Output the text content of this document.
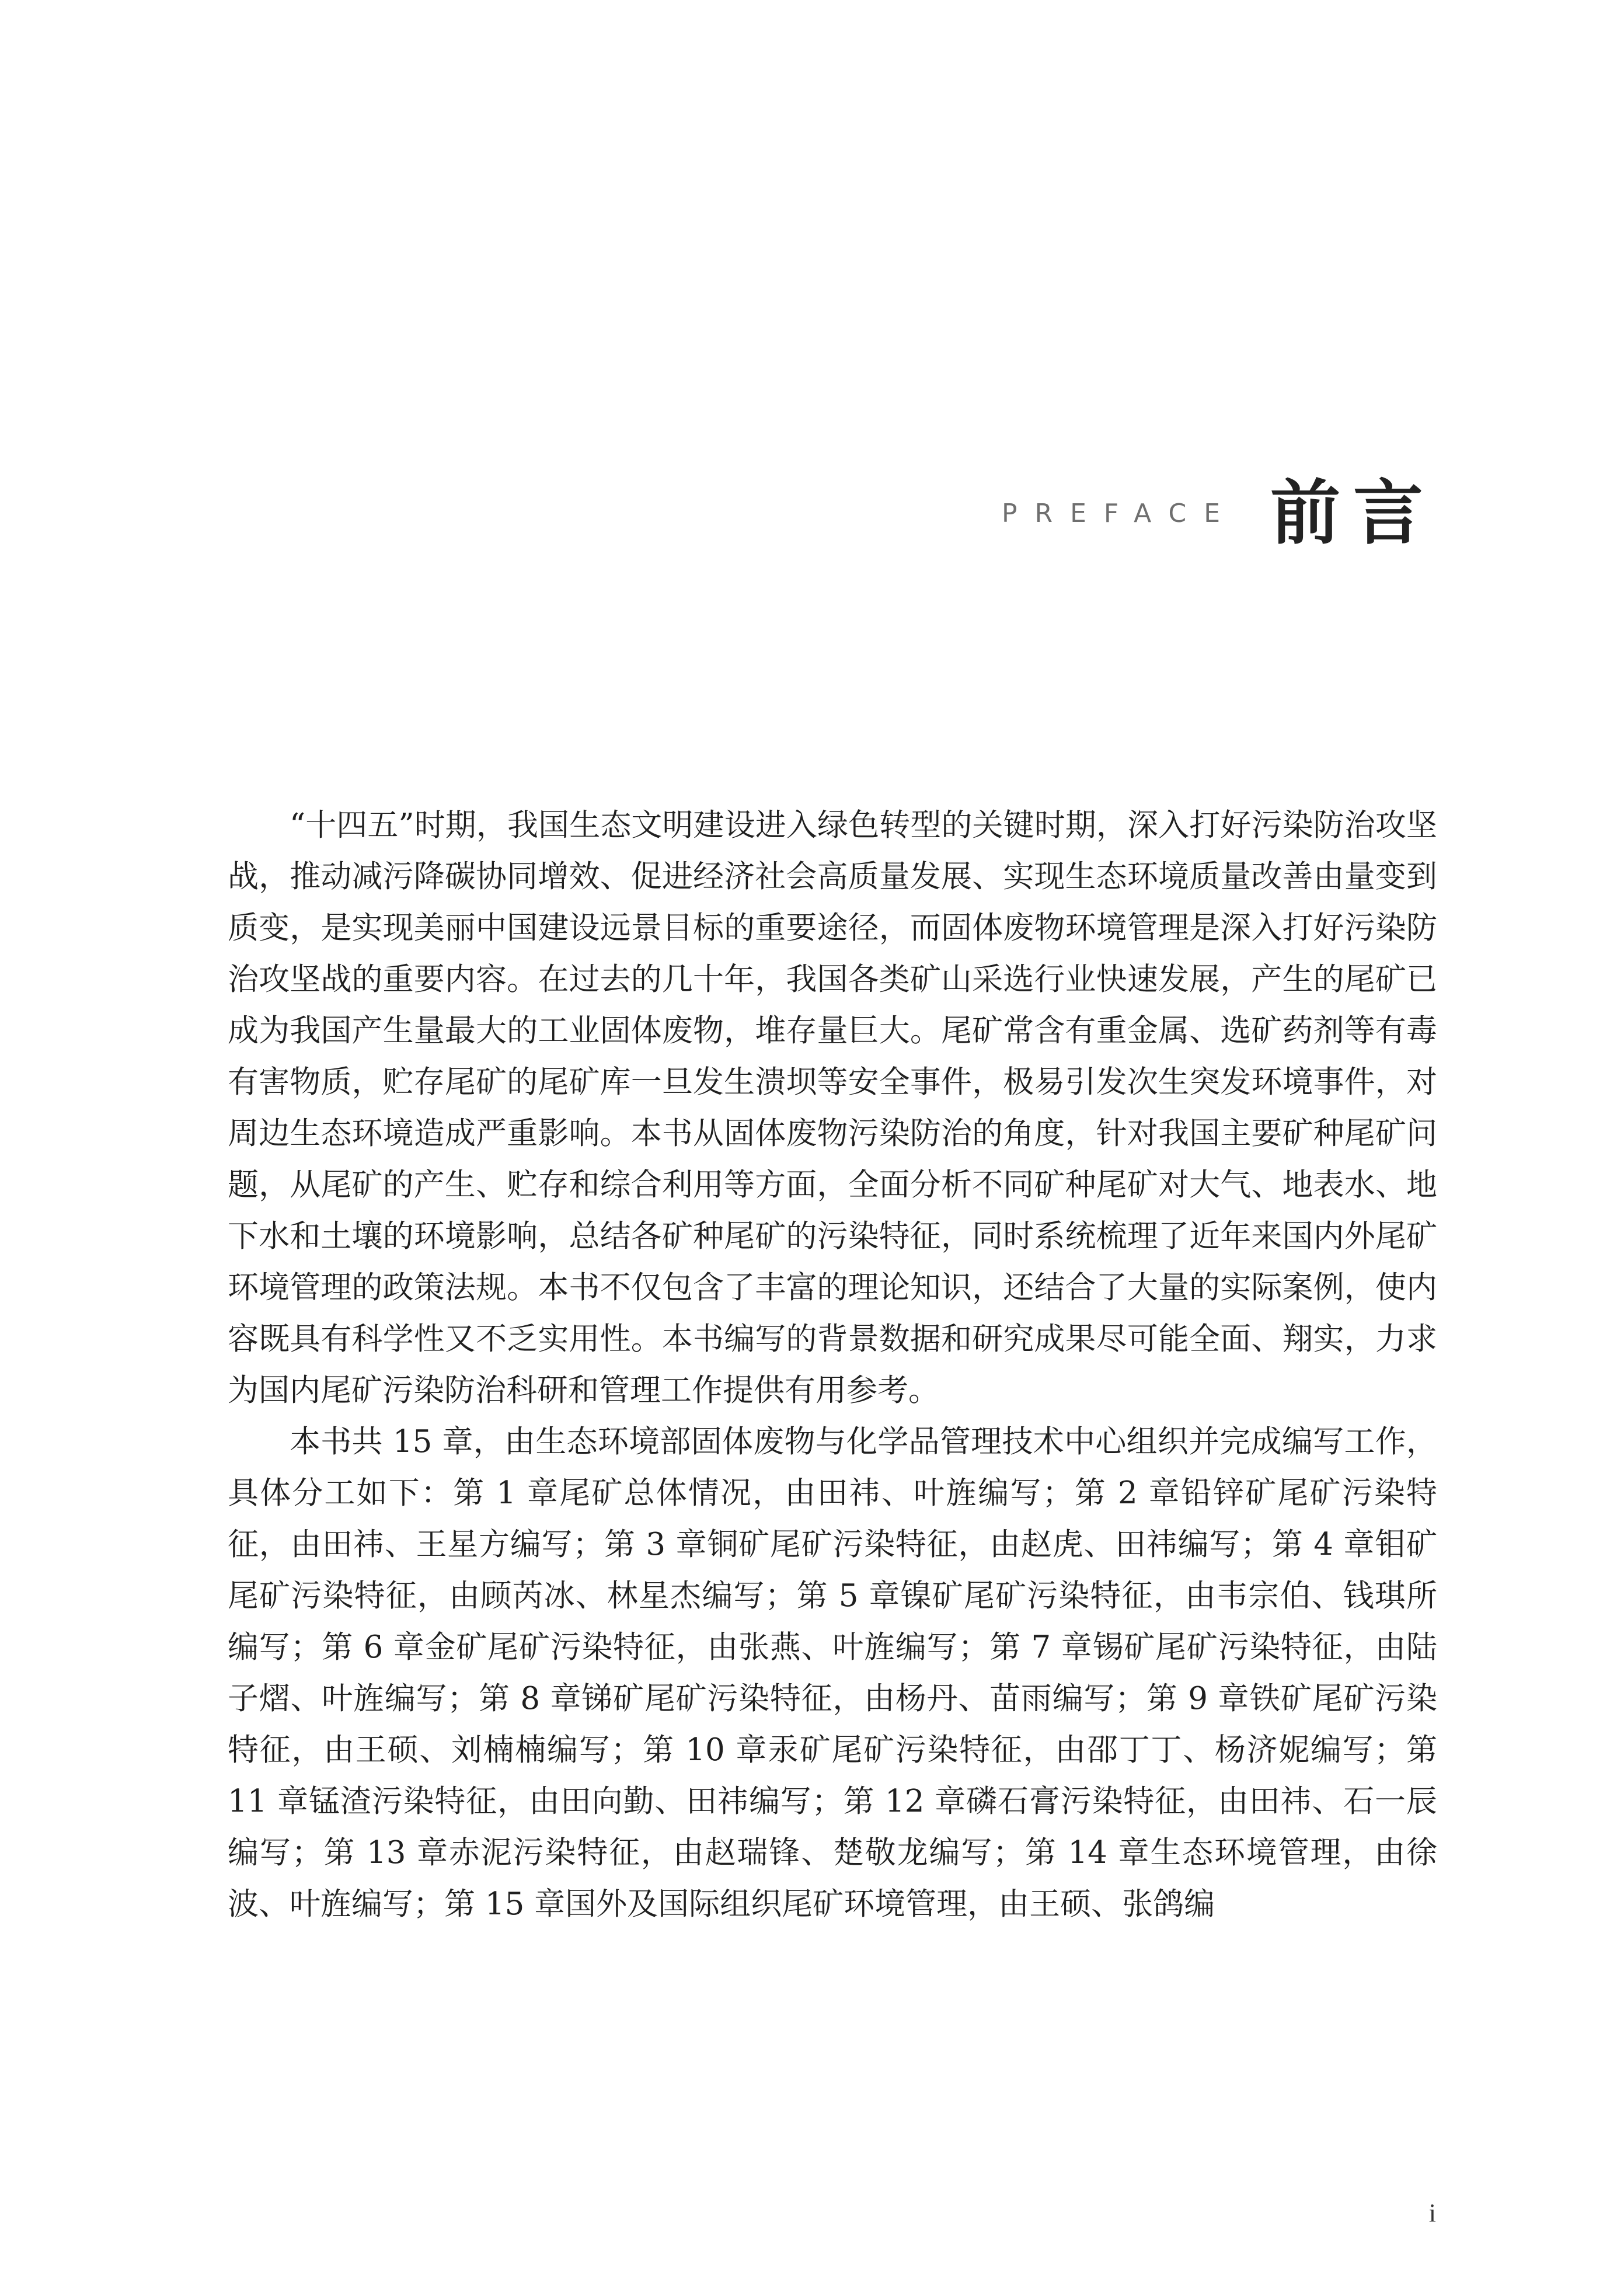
PREFACE 前言

“十四五”时期，我国生态文明建设进入绿色转型的关键时期，深入打好污染防治攻坚战，推动减污降碳协同增效、促进经济社会高质量发展、实现生态环境质量改善由量变到质变，是实现美丽中国建设远景目标的重要途径，而固体废物环境管理是深入打好污染防治攻坚战的重要内容。在过去的几十年，我国各类矿山采选行业快速发展，产生的尾矿已成为我国产生量最大的工业固体废物，堆存量巨大。尾矿常含有重金属、选矿药剂等有毒有害物质，贮存尾矿的尾矿库一旦发生溃坝等安全事件，极易引发次生突发环境事件，对周边生态环境造成严重影响。本书从固体废物污染防治的角度，针对我国主要矿种尾矿问题，从尾矿的产生、贮存和综合利用等方面，全面分析不同矿种尾矿对大气、地表水、地下水和土壤的环境影响，总结各矿种尾矿的污染特征，同时系统梳理了近年来国内外尾矿环境管理的政策法规。本书不仅包含了丰富的理论知识，还结合了大量的实际案例，使内容既具有科学性又不乏实用性。本书编写的背景数据和研究成果尽可能全面、翔实，力求为国内尾矿污染防治科研和管理工作提供有用参考。

本书共 15 章，由生态环境部固体废物与化学品管理技术中心组织并完成编写工作，具体分工如下：第 1 章尾矿总体情况，由田祎、叶旌编写；第 2 章铅锌矿尾矿污染特征，由田祎、王星方编写；第 3 章铜矿尾矿污染特征，由赵虎、田祎编写；第 4 章钼矿尾矿污染特征，由顾芮冰、林星杰编写；第 5 章镍矿尾矿污染特征，由韦宗伯、钱琪所编写；第 6 章金矿尾矿污染特征，由张燕、叶旌编写；第 7 章锡矿尾矿污染特征，由陆子熠、叶旌编写；第 8 章锑矿尾矿污染特征，由杨丹、苗雨编写；第 9 章铁矿尾矿污染特征，由王硕、刘楠楠编写；第 10 章汞矿尾矿污染特征，由邵丁丁、杨济妮编写；第 11 章锰渣污染特征，由田向勤、田祎编写；第 12 章磷石膏污染特征，由田祎、石一辰编写；第 13 章赤泥污染特征，由赵瑞锋、楚敬龙编写；第 14 章生态环境管理，由徐波、叶旌编写；第 15 章国外及国际组织尾矿环境管理，由王硕、张鸽编

i
